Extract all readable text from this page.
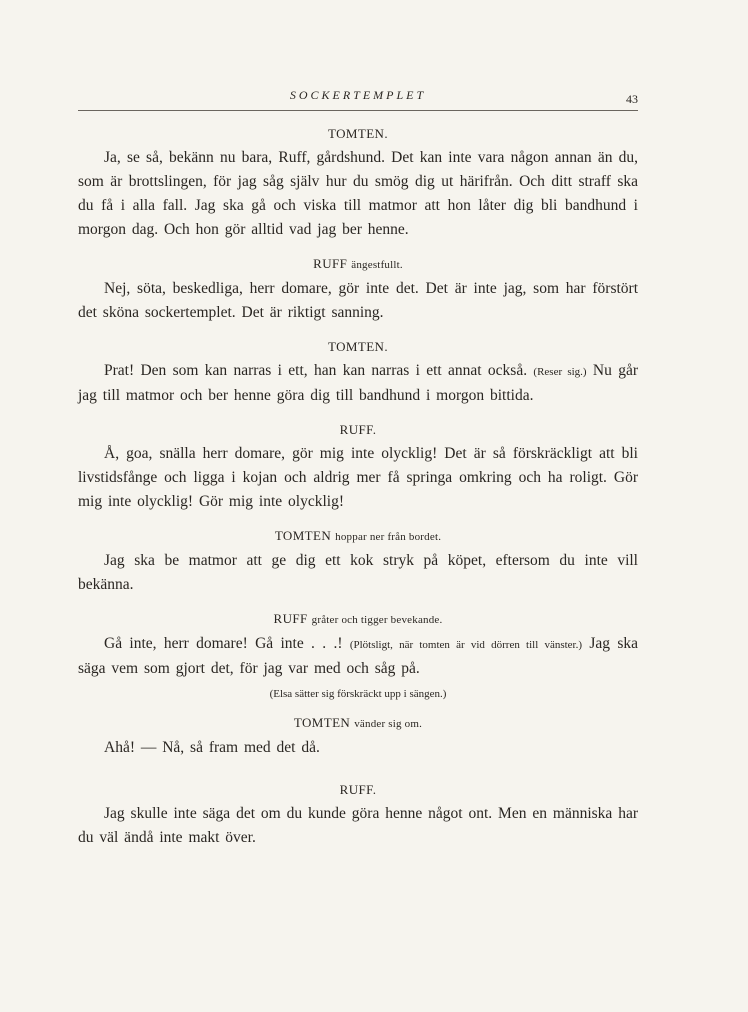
SOCKERTEMPLET	43
TOMTEN.

Ja, se så, bekänn nu bara, Ruff, gårdshund. Det kan inte vara någon annan än du, som är brottslingen, för jag såg själv hur du smög dig ut härifrån. Och ditt straff ska du få i alla fall. Jag ska gå och viska till matmor att hon låter dig bli bandhund i morgon dag. Och hon gör alltid vad jag ber henne.

RUFF ängestfullt.

Nej, söta, beskedliga, herr domare, gör inte det. Det är inte jag, som har förstört det sköna sockertemplet. Det är riktigt sanning.

TOMTEN.

Prat! Den som kan narras i ett, han kan narras i ett annat också. (Reser sig.) Nu går jag till matmor och ber henne göra dig till bandhund i morgon bittida.

RUFF.

Å, goa, snälla herr domare, gör mig inte olycklig! Det är så förskräckligt att bli livstidsfånge och ligga i kojan och aldrig mer få springa omkring och ha roligt. Gör mig inte olycklig! Gör mig inte olycklig!

TOMTEN hoppar ner från bordet.

Jag ska be matmor att ge dig ett kok stryk på köpet, eftersom du inte vill bekänna.

RUFF gråter och tigger bevekande.

Gå inte, herr domare! Gå inte . . .! (Plötsligt, när tomten är vid dörren till vänster.) Jag ska säga vem som gjort det, för jag var med och såg på.

(Elsa sätter sig förskräckt upp i sängen.)
TOMTEN vänder sig om.

Ahå! — Nå, så fram med det då.

RUFF.

Jag skulle inte säga det om du kunde göra henne något ont. Men en människa har du väl ändå inte makt över.
